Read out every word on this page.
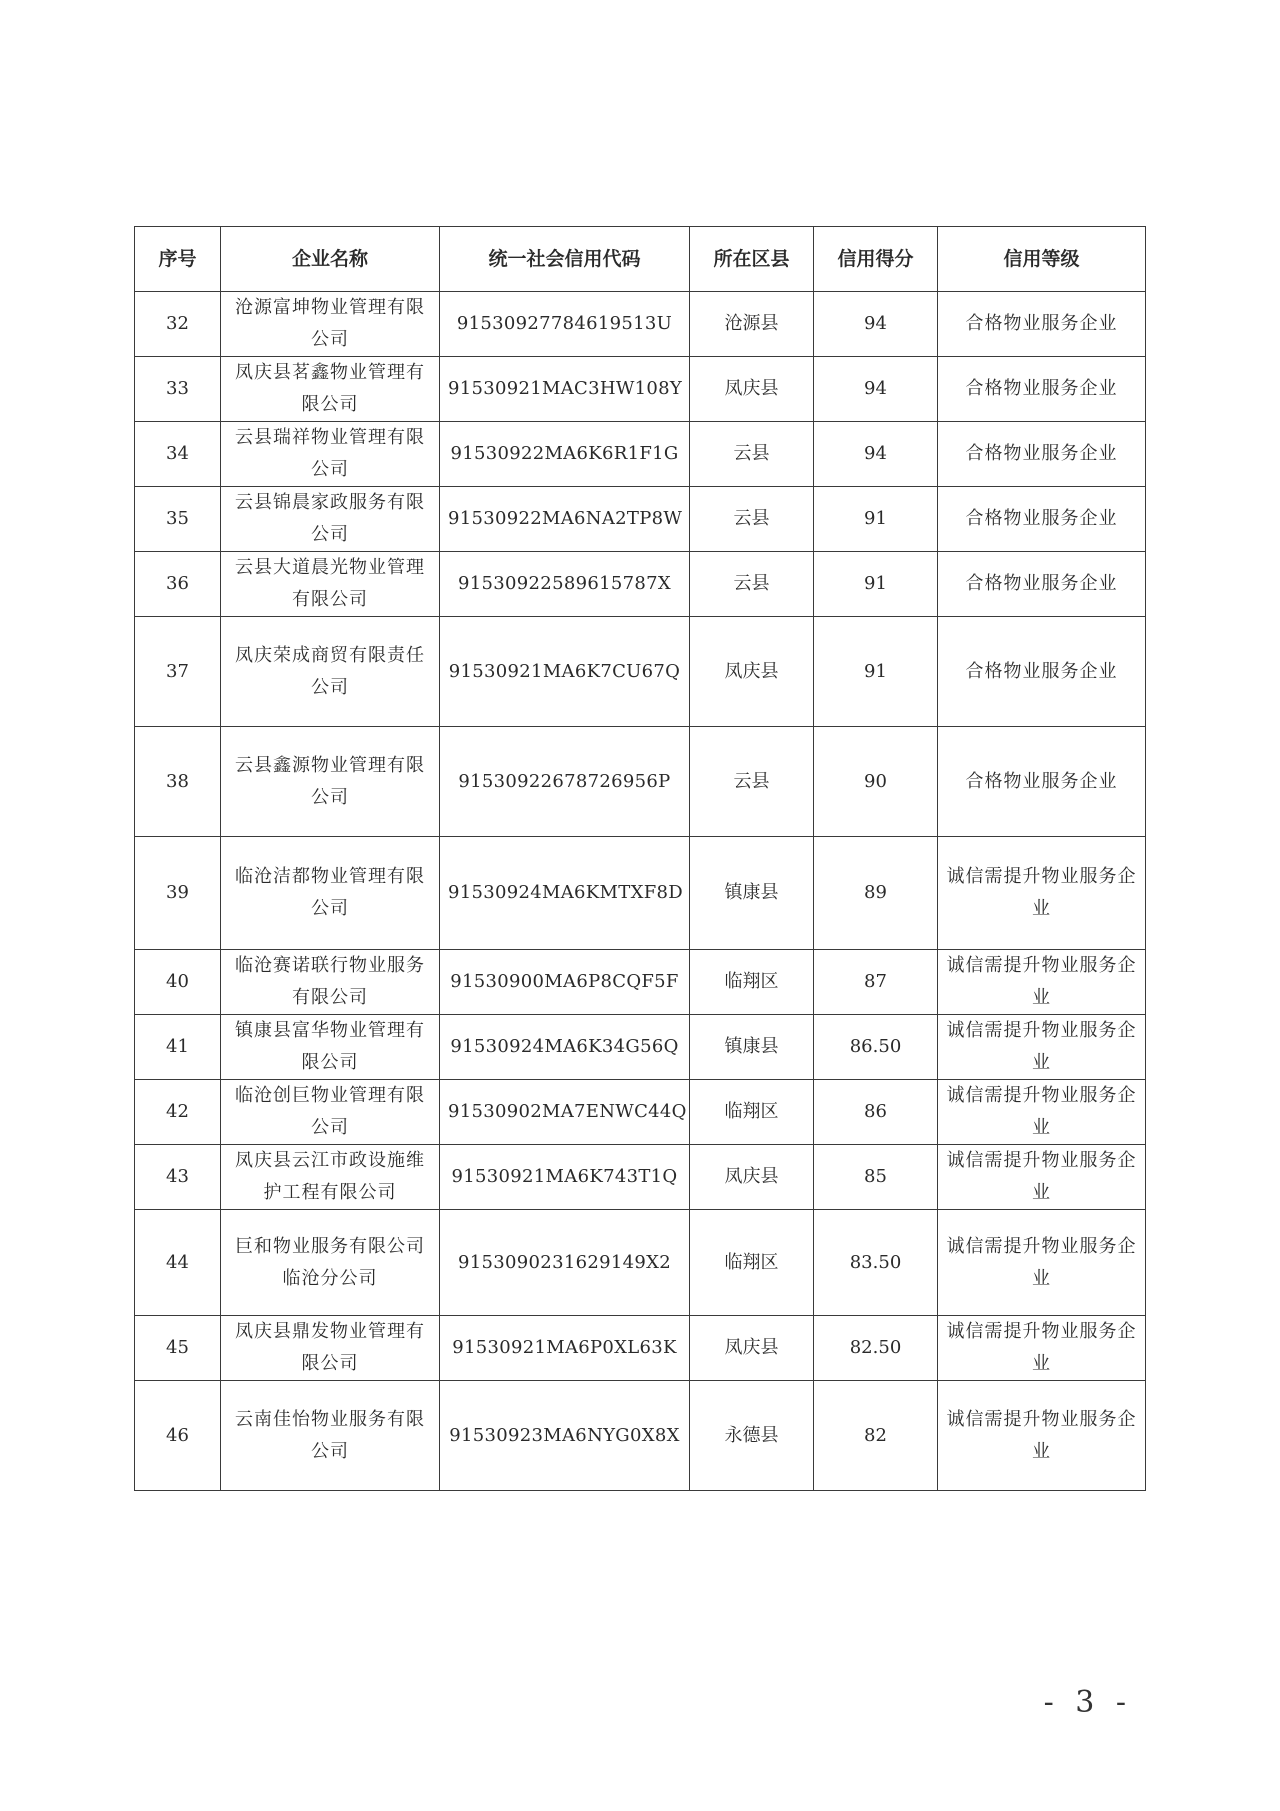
序号	企业名称	统一社会信用代码	所在区县	信用得分	信用等级
32	沧源富坤物业管理有限公司	91530927784619513U	沧源县	94	合格物业服务企业
33	凤庆县茗鑫物业管理有限公司	91530921MAC3HW108Y	凤庆县	94	合格物业服务企业
34	云县瑞祥物业管理有限公司	91530922MA6K6R1F1G	云县	94	合格物业服务企业
35	云县锦晨家政服务有限公司	91530922MA6NA2TP8W	云县	91	合格物业服务企业
36	云县大道晨光物业管理有限公司	91530922589615787X	云县	91	合格物业服务企业
37	凤庆荣成商贸有限责任公司	91530921MA6K7CU67Q	凤庆县	91	合格物业服务企业
38	云县鑫源物业管理有限公司	91530922678726956P	云县	90	合格物业服务企业
39	临沧洁都物业管理有限公司	91530924MA6KMTXF8D	镇康县	89	诚信需提升物业服务企业
40	临沧赛诺联行物业服务有限公司	91530900MA6P8CQF5F	临翔区	87	诚信需提升物业服务企业
41	镇康县富华物业管理有限公司	91530924MA6K34G56Q	镇康县	86.50	诚信需提升物业服务企业
42	临沧创巨物业管理有限公司	91530902MA7ENWC44Q	临翔区	86	诚信需提升物业服务企业
43	凤庆县云江市政设施维护工程有限公司	91530921MA6K743T1Q	凤庆县	85	诚信需提升物业服务企业
44	巨和物业服务有限公司临沧分公司	9153090231629149X2	临翔区	83.50	诚信需提升物业服务企业
45	凤庆县鼎发物业管理有限公司	91530921MA6P0XL63K	凤庆县	82.50	诚信需提升物业服务企业
46	云南佳怡物业服务有限公司	91530923MA6NYG0X8X	永德县	82	诚信需提升物业服务企业
- 3 -
